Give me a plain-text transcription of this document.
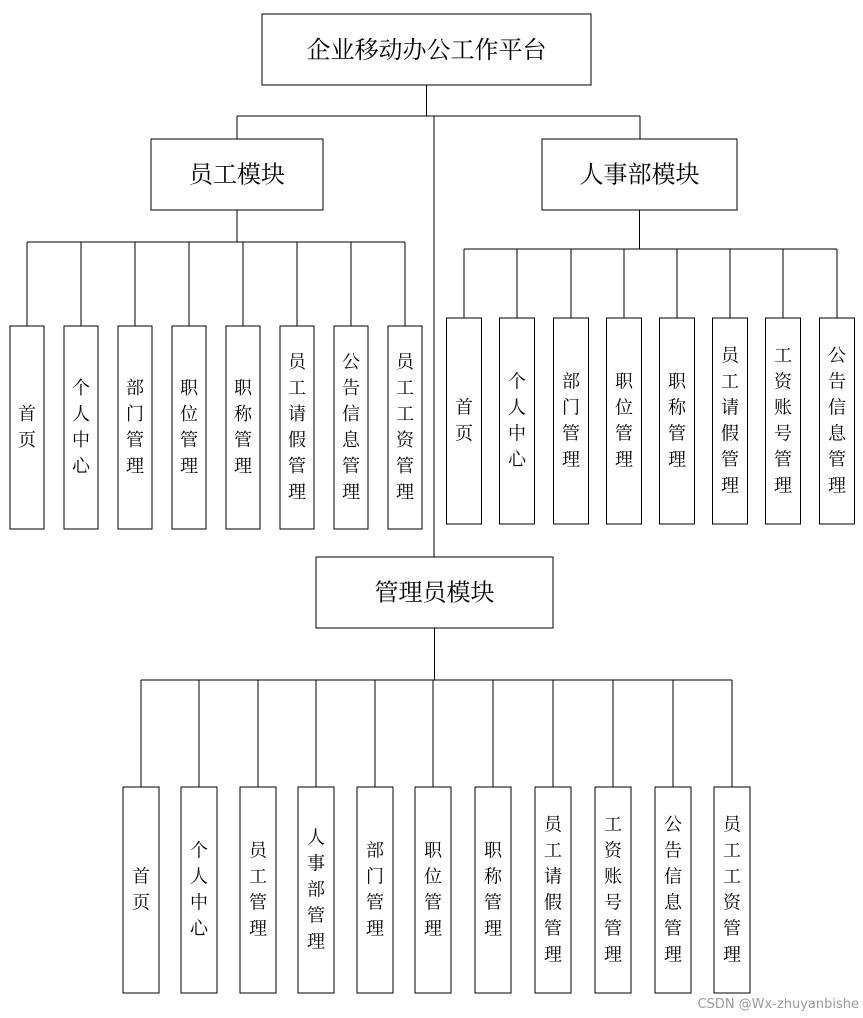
企业移动办公工作平台
员工模块
首页
个人中心
部门管理
职位管理
职称管理
员工请假管理
公告信息管理
员工工资管理
人事部模块
首页
个人中心
部门管理
职位管理
职称管理
员工请假管理
工资账号管理
公告信息管理
管理员模块
首页
个人中心
员工管理
人事部管理
部门管理
职位管理
职称管理
员工请假管理
工资账号管理
公告信息管理
员工工资管理
CSDN @Wx-zhuyanbishe
